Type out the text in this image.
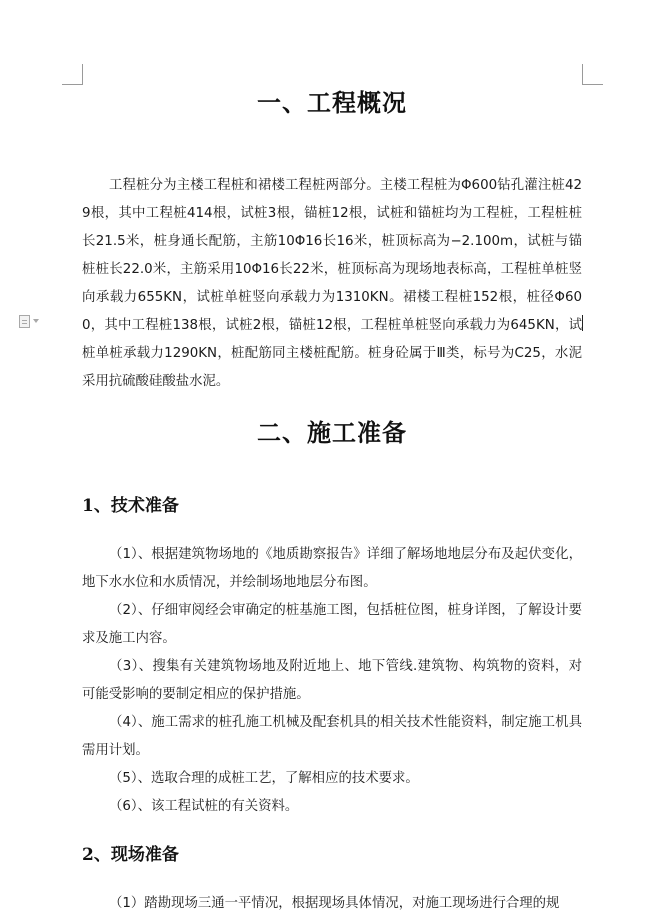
一、工程概况
工程桩分为主楼工程桩和裙楼工程桩两部分。主楼工程桩为Φ600钻孔灌注桩429根，其中工程桩414根，试桩3根，锚桩12根，试桩和锚桩均为工程桩，工程桩桩长21.5米，桩身通长配筋，主筋10Φ16长16米，桩顶标高为−2.100m，试桩与锚桩桩长22.0米，主筋采用10Φ16长22米，桩顶标高为现场地表标高，工程桩单桩竖向承载力655KN，试桩单桩竖向承载力为1310KN。裙楼工程桩152根，桩径Φ600，其中工程桩138根，试桩2根，锚桩12根，工程桩单桩竖向承载力为645KN，试桩单桩承载力1290KN，桩配筋同主楼桩配筋。桩身砼属于Ⅲ类，标号为C25，水泥采用抗硫酸硅酸盐水泥。
二、施工准备
1、技术准备
（1）、根据建筑物场地的《地质勘察报告》详细了解场地地层分布及起伏变化，地下水水位和水质情况，并绘制场地地层分布图。
（2）、仔细审阅经会审确定的桩基施工图，包括桩位图，桩身详图，了解设计要求及施工内容。
（3）、搜集有关建筑物场地及附近地上、地下管线.建筑物、构筑物的资料，对可能受影响的要制定相应的保护措施。
（4）、施工需求的桩孔施工机械及配套机具的相关技术性能资料，制定施工机具需用计划。
（5）、选取合理的成桩工艺，了解相应的技术要求。
（6）、该工程试桩的有关资料。
2、现场准备
（1）踏勘现场三通一平情况，根据现场具体情况，对施工现场进行合理的规
